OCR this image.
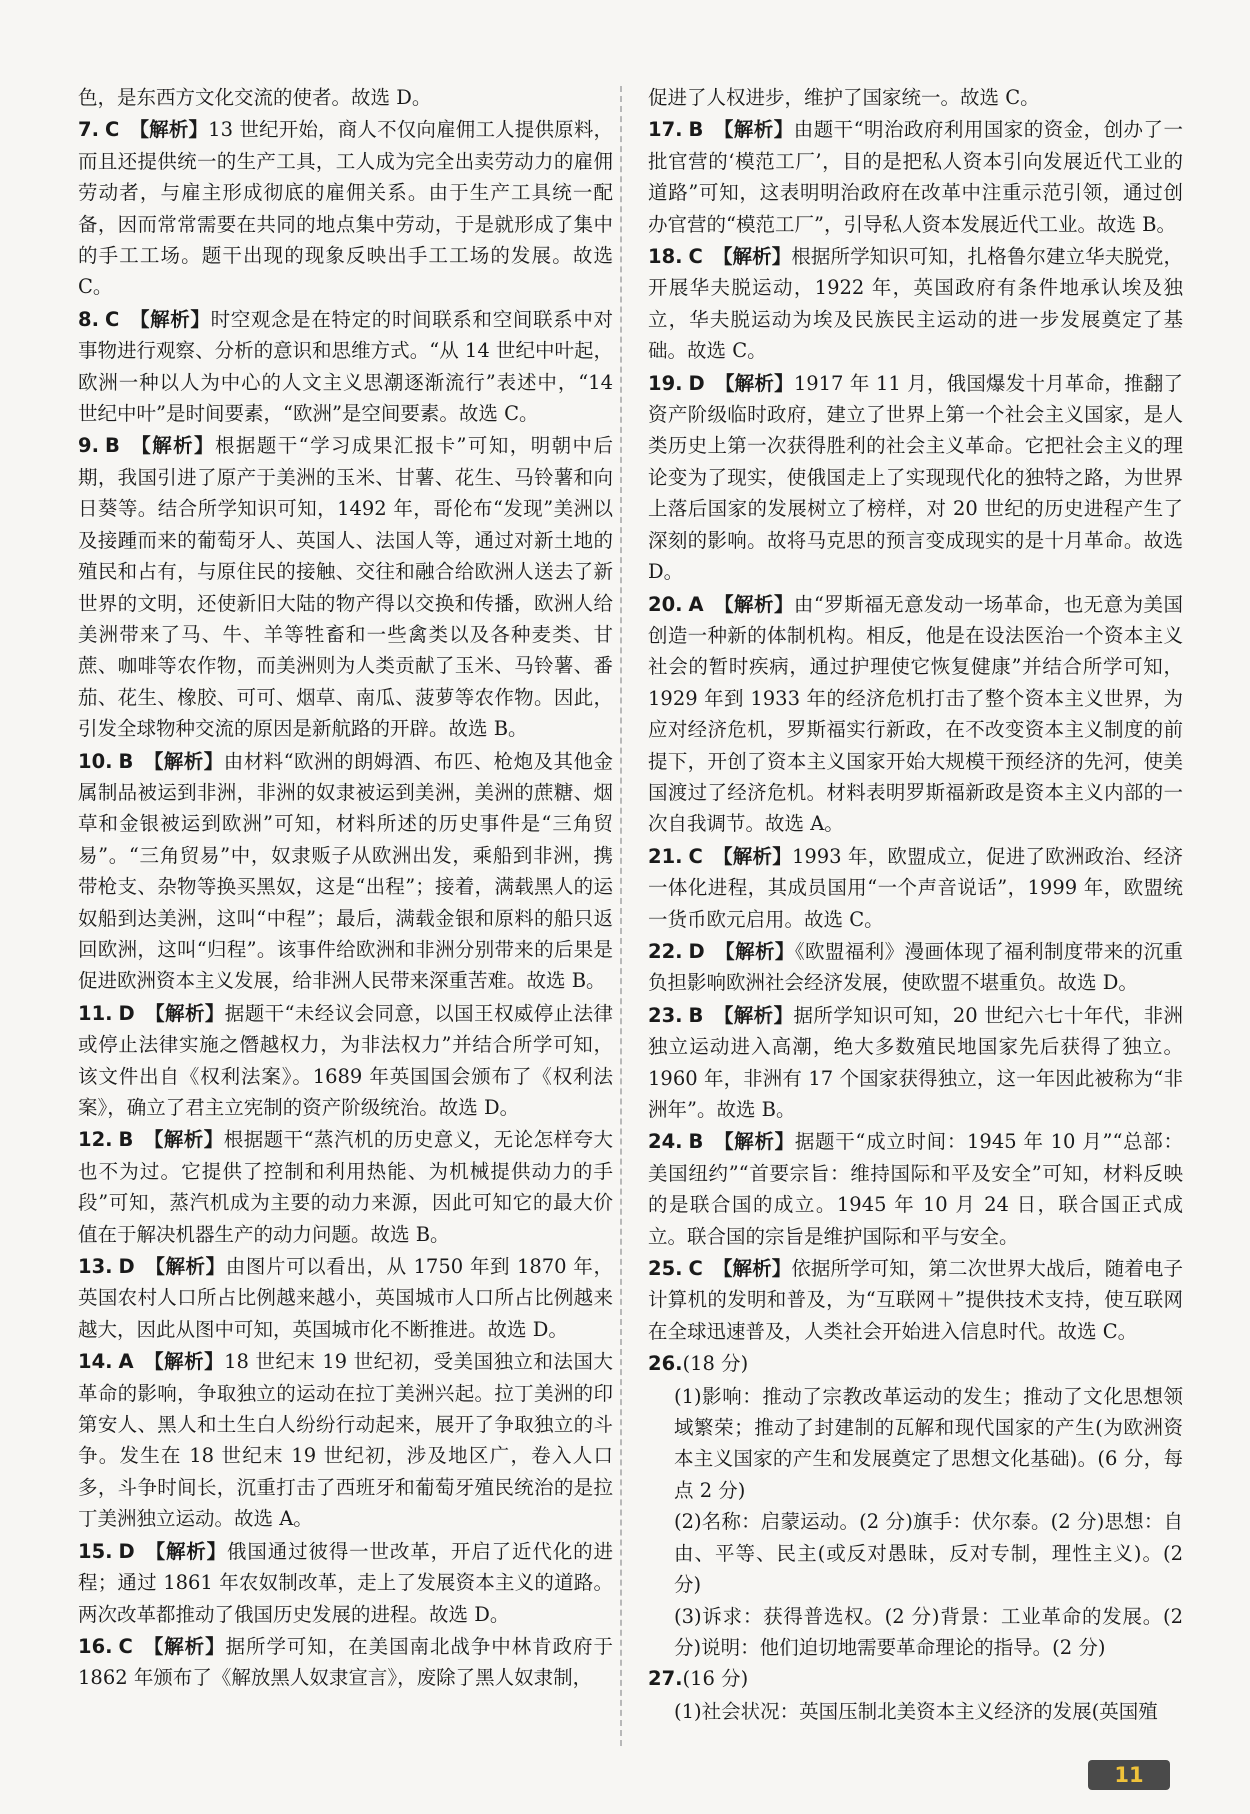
色，是东西方文化交流的使者。故选 D。

7. C 【解析】13 世纪开始，商人不仅向雇佣工人提供原料，而且还提供统一的生产工具，工人成为完全出卖劳动力的雇佣劳动者，与雇主形成彻底的雇佣关系。由于生产工具统一配备，因而常常需要在共同的地点集中劳动，于是就形成了集中的手工工场。题干出现的现象反映出手工工场的发展。故选 C。

8. C 【解析】时空观念是在特定的时间联系和空间联系中对事物进行观察、分析的意识和思维方式。“从 14 世纪中叶起，欧洲一种以人为中心的人文主义思潮逐渐流行”表述中，“14 世纪中叶”是时间要素，“欧洲”是空间要素。故选 C。

9. B 【解析】根据题干“学习成果汇报卡”可知，明朝中后期，我国引进了原产于美洲的玉米、甘薯、花生、马铃薯和向日葵等。结合所学知识可知，1492 年，哥伦布“发现”美洲以及接踵而来的葡萄牙人、英国人、法国人等，通过对新土地的殖民和占有，与原住民的接触、交往和融合给欧洲人送去了新世界的文明，还使新旧大陆的物产得以交换和传播，欧洲人给美洲带来了马、牛、羊等牲畜和一些禽类以及各种麦类、甘蔗、咖啡等农作物，而美洲则为人类贡献了玉米、马铃薯、番茄、花生、橡胶、可可、烟草、南瓜、菠萝等农作物。因此，引发全球物种交流的原因是新航路的开辟。故选 B。

10. B 【解析】由材料“欧洲的朗姆酒、布匹、枪炮及其他金属制品被运到非洲，非洲的奴隶被运到美洲，美洲的蔗糖、烟草和金银被运到欧洲”可知，材料所述的历史事件是“三角贸易”。“三角贸易”中，奴隶贩子从欧洲出发，乘船到非洲，携带枪支、杂物等换买黑奴，这是“出程”；接着，满载黑人的运奴船到达美洲，这叫“中程”；最后，满载金银和原料的船只返回欧洲，这叫“归程”。该事件给欧洲和非洲分别带来的后果是促进欧洲资本主义发展，给非洲人民带来深重苦难。故选 B。

11. D 【解析】据题干“未经议会同意，以国王权威停止法律或停止法律实施之僭越权力，为非法权力”并结合所学可知，该文件出自《权利法案》。1689 年英国国会颁布了《权利法案》，确立了君主立宪制的资产阶级统治。故选 D。

12. B 【解析】根据题干“蒸汽机的历史意义，无论怎样夸大也不为过。它提供了控制和利用热能、为机械提供动力的手段”可知，蒸汽机成为主要的动力来源，因此可知它的最大价值在于解决机器生产的动力问题。故选 B。

13. D 【解析】由图片可以看出，从 1750 年到 1870 年，英国农村人口所占比例越来越小，英国城市人口所占比例越来越大，因此从图中可知，英国城市化不断推进。故选 D。

14. A 【解析】18 世纪末 19 世纪初，受美国独立和法国大革命的影响，争取独立的运动在拉丁美洲兴起。拉丁美洲的印第安人、黑人和土生白人纷纷行动起来，展开了争取独立的斗争。发生在 18 世纪末 19 世纪初，涉及地区广，卷入人口多，斗争时间长，沉重打击了西班牙和葡萄牙殖民统治的是拉丁美洲独立运动。故选 A。

15. D 【解析】俄国通过彼得一世改革，开启了近代化的进程；通过 1861 年农奴制改革，走上了发展资本主义的道路。两次改革都推动了俄国历史发展的进程。故选 D。

16. C 【解析】据所学可知，在美国南北战争中林肯政府于 1862 年颁布了《解放黑人奴隶宣言》，废除了黑人奴隶制，

促进了人权进步，维护了国家统一。故选 C。

17. B 【解析】由题干“明治政府利用国家的资金，创办了一批官营的‘模范工厂’，目的是把私人资本引向发展近代工业的道路”可知，这表明明治政府在改革中注重示范引领，通过创办官营的“模范工厂”，引导私人资本发展近代工业。故选 B。

18. C 【解析】根据所学知识可知，扎格鲁尔建立华夫脱党，开展华夫脱运动，1922 年，英国政府有条件地承认埃及独立，华夫脱运动为埃及民族民主运动的进一步发展奠定了基础。故选 C。

19. D 【解析】1917 年 11 月，俄国爆发十月革命，推翻了资产阶级临时政府，建立了世界上第一个社会主义国家，是人类历史上第一次获得胜利的社会主义革命。它把社会主义的理论变为了现实，使俄国走上了实现现代化的独特之路，为世界上落后国家的发展树立了榜样，对 20 世纪的历史进程产生了深刻的影响。故将马克思的预言变成现实的是十月革命。故选 D。

20. A 【解析】由“罗斯福无意发动一场革命，也无意为美国创造一种新的体制机构。相反，他是在设法医治一个资本主义社会的暂时疾病，通过护理使它恢复健康”并结合所学可知，1929 年到 1933 年的经济危机打击了整个资本主义世界，为应对经济危机，罗斯福实行新政，在不改变资本主义制度的前提下，开创了资本主义国家开始大规模干预经济的先河，使美国渡过了经济危机。材料表明罗斯福新政是资本主义内部的一次自我调节。故选 A。

21. C 【解析】1993 年，欧盟成立，促进了欧洲政治、经济一体化进程，其成员国用“一个声音说话”，1999 年，欧盟统一货币欧元启用。故选 C。

22. D 【解析】《欧盟福利》漫画体现了福利制度带来的沉重负担影响欧洲社会经济发展，使欧盟不堪重负。故选 D。

23. B 【解析】据所学知识可知，20 世纪六七十年代，非洲独立运动进入高潮，绝大多数殖民地国家先后获得了独立。1960 年，非洲有 17 个国家获得独立，这一年因此被称为“非洲年”。故选 B。

24. B 【解析】据题干“成立时间：1945 年 10 月”“总部：美国纽约”“首要宗旨：维持国际和平及安全”可知，材料反映的是联合国的成立。1945 年 10 月 24 日，联合国正式成立。联合国的宗旨是维护国际和平与安全。

25. C 【解析】依据所学可知，第二次世界大战后，随着电子计算机的发明和普及，为“互联网＋”提供技术支持，使互联网在全球迅速普及，人类社会开始进入信息时代。故选 C。

26.(18 分)

(1)影响：推动了宗教改革运动的发生；推动了文化思想领域繁荣；推动了封建制的瓦解和现代国家的产生(为欧洲资本主义国家的产生和发展奠定了思想文化基础)。(6 分，每点 2 分)

(2)名称：启蒙运动。(2 分)旗手：伏尔泰。(2 分)思想：自由、平等、民主(或反对愚昧，反对专制，理性主义)。(2 分)

(3)诉求：获得普选权。(2 分)背景：工业革命的发展。(2 分)说明：他们迫切地需要革命理论的指导。(2 分)

27.(16 分)

(1)社会状况：英国压制北美资本主义经济的发展(英国殖

11
